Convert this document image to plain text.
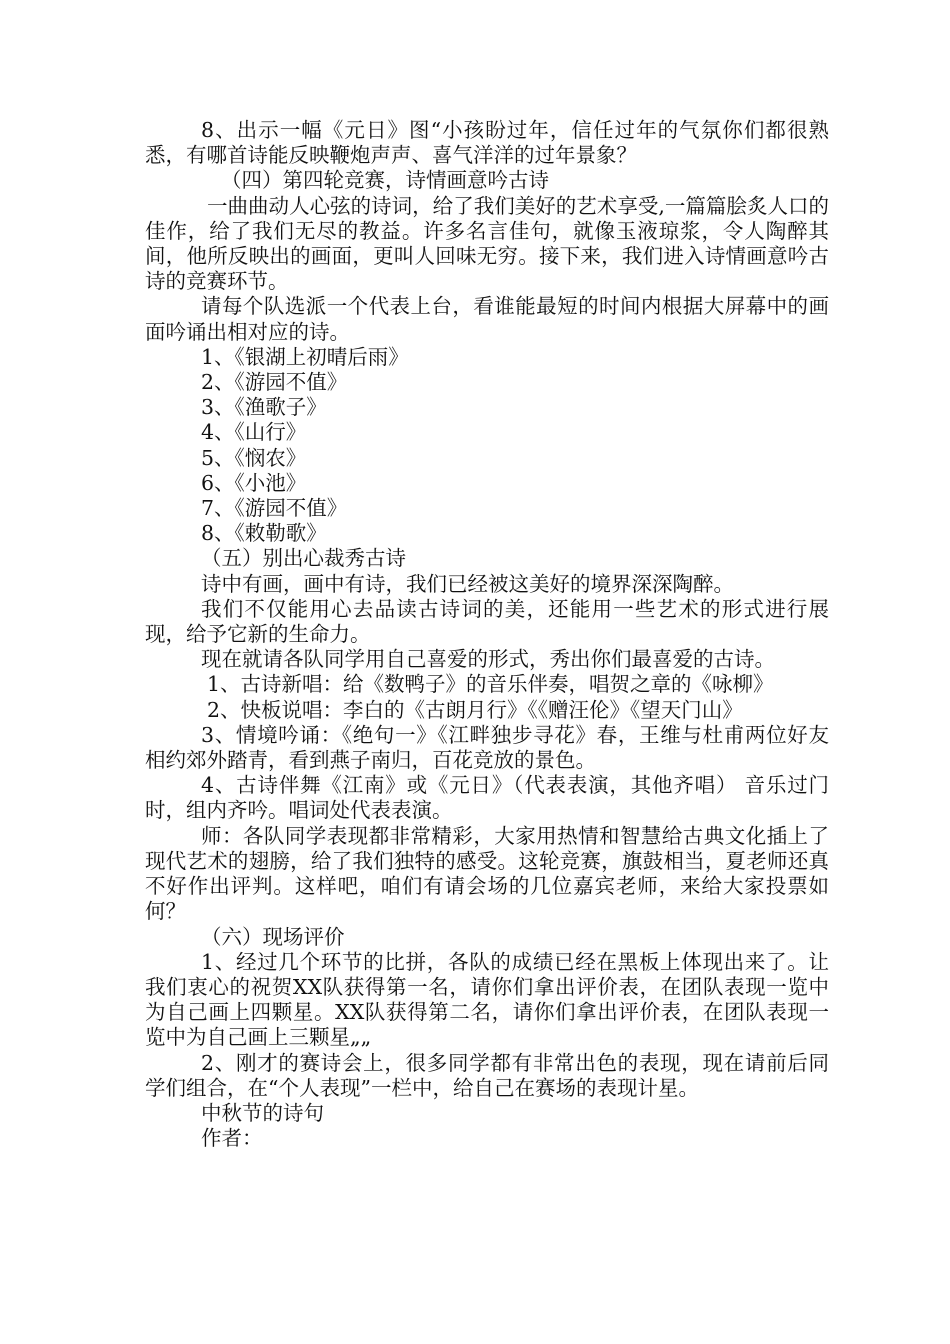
8、出示一幅《元日》图“小孩盼过年，信任过年的气氛你们都很熟悉，有哪首诗能反映鞭炮声声、喜气洋洋的过年景象？

（四）第四轮竞赛，诗情画意吟古诗

一曲曲动人心弦的诗词，给了我们美好的艺术享受,一篇篇脍炙人口的佳作，给了我们无尽的教益。许多名言佳句，就像玉液琼浆，令人陶醉其间，他所反映出的画面，更叫人回味无穷。接下来，我们进入诗情画意吟古诗的竞赛环节。

请每个队选派一个代表上台，看谁能最短的时间内根据大屏幕中的画面吟诵出相对应的诗。

1、《银湖上初晴后雨》

2、《游园不值》

3、《渔歌子》

4、《山行》

5、《悯农》

6、《小池》

7、《游园不值》

8、《敕勒歌》

（五）别出心裁秀古诗

诗中有画，画中有诗，我们已经被这美好的境界深深陶醉。

我们不仅能用心去品读古诗词的美，还能用一些艺术的形式进行展现，给予它新的生命力。

现在就请各队同学用自己喜爱的形式，秀出你们最喜爱的古诗。

1、古诗新唱：给《数鸭子》的音乐伴奏，唱贺之章的《咏柳》

2、快板说唱：李白的《古朗月行》《《赠汪伦》《望天门山》

3、情境吟诵：《绝句一》《江畔独步寻花》春，王维与杜甫两位好友相约郊外踏青，看到燕子南归，百花竞放的景色。

4、古诗伴舞《江南》或《元日》（代表表演，其他齐唱） 音乐过门时，组内齐吟。唱词处代表表演。

师：各队同学表现都非常精彩，大家用热情和智慧给古典文化插上了现代艺术的翅膀，给了我们独特的感受。这轮竞赛，旗鼓相当，夏老师还真不好作出评判。这样吧，咱们有请会场的几位嘉宾老师，来给大家投票如何？

（六）现场评价

1、经过几个环节的比拼，各队的成绩已经在黑板上体现出来了。让我们衷心的祝贺XX队获得第一名，请你们拿出评价表，在团队表现一览中为自己画上四颗星。XX队获得第二名，请你们拿出评价表，在团队表现一览中为自己画上三颗星„„

2、刚才的赛诗会上，很多同学都有非常出色的表现，现在请前后同学们组合，在“个人表现”一栏中，给自己在赛场的表现计星。

中秋节的诗句

作者：
